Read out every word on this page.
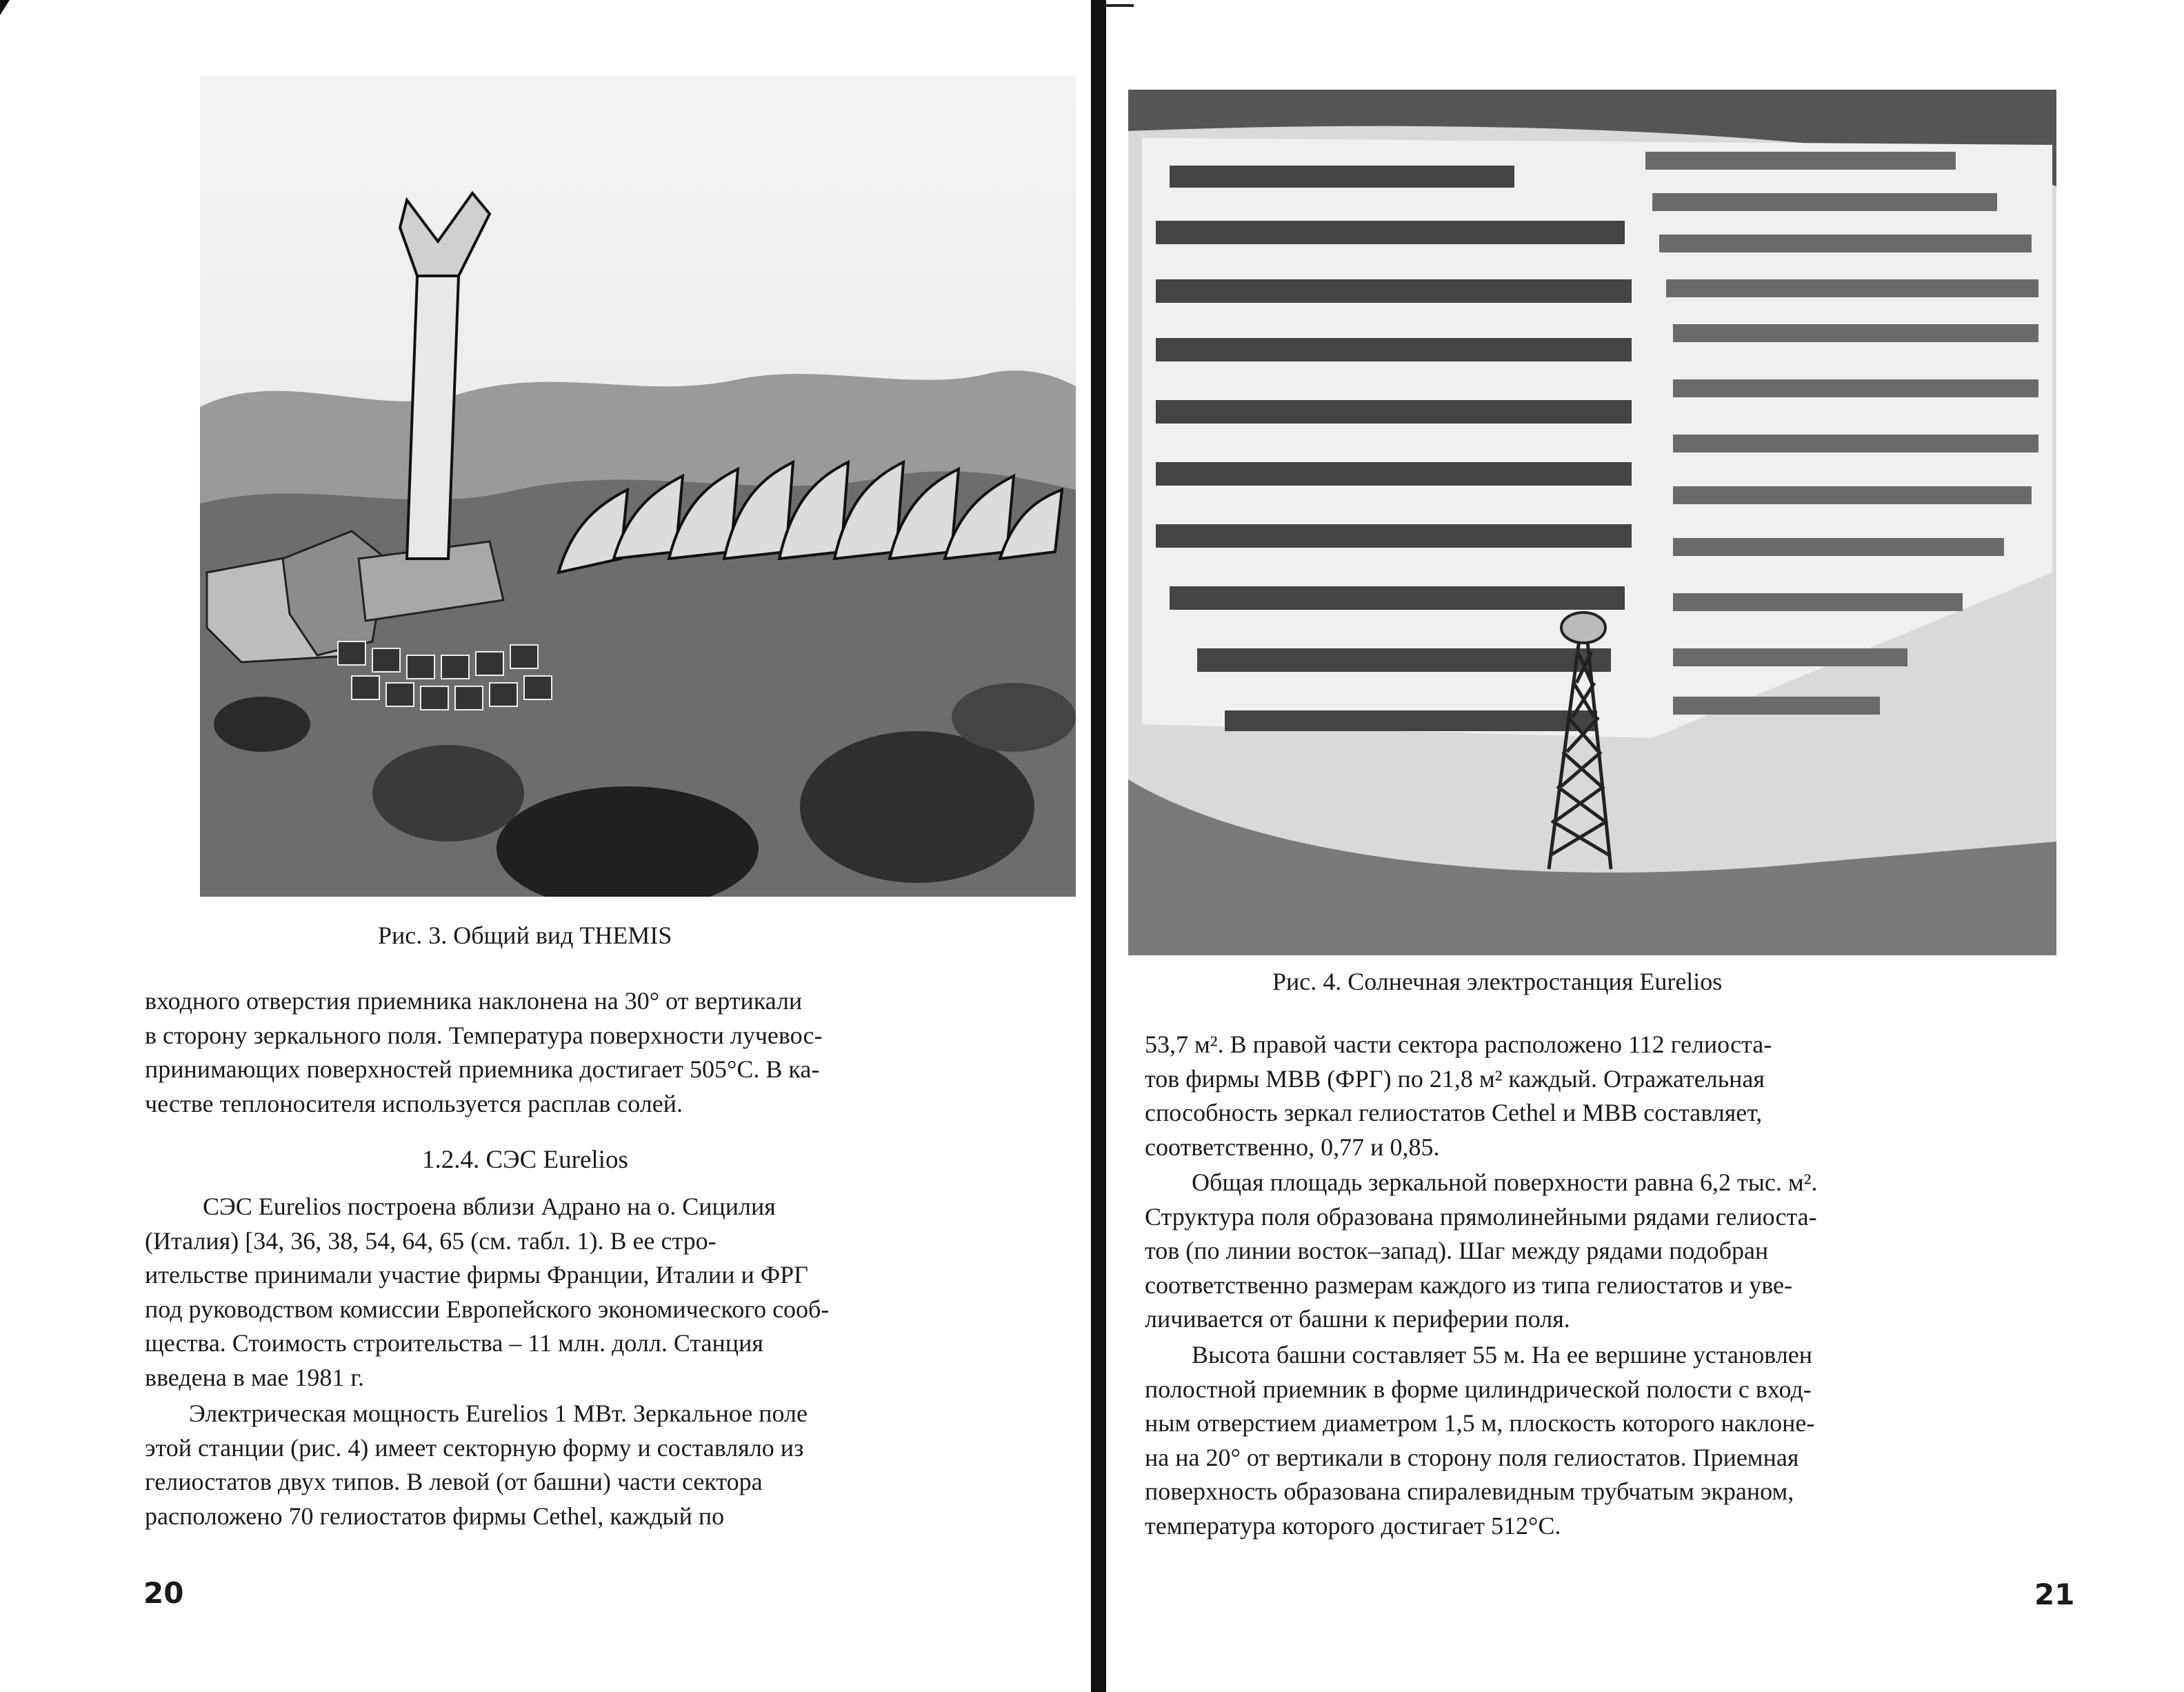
Рис. 3. Общий вид THEMIS

входного отверстия приемника наклонена на 30° от вертикали

в сторону зеркального поля. Температура поверхности лучевос-

принимающих поверхностей приемника достигает 505°С. В ка-

честве теплоносителя используется расплав солей.

1.2.4. СЭС Eurelios

СЭС Eurelios построена вблизи Адрано на о. Сицилия

(Италия) [34, 36, 38, 54, 64, 65 (см. табл. 1). В ее стро-

ительстве принимали участие фирмы Франции, Италии и ФРГ

под руководством комиссии Европейского экономического сооб-

щества. Стоимость строительства – 11 млн. долл. Станция

введена в мае 1981 г.

Электрическая мощность Eurelios 1 МВт. Зеркальное поле

этой станции (рис. 4) имеет секторную форму и составляло из

гелиостатов двух типов. В левой (от башни) части сектора

расположено 70 гелиостатов фирмы Cethel, каждый по

20
Рис. 4. Солнечная электростанция Eurelios

53,7 м². В правой части сектора расположено 112 гелиоста-

тов фирмы МВВ (ФРГ) по 21,8 м² каждый. Отражательная

способность зеркал гелиостатов Cethel и МВВ составляет,

соответственно, 0,77 и 0,85.

Общая площадь зеркальной поверхности равна 6,2 тыс. м².

Структура поля образована прямолинейными рядами гелиоста-

тов (по линии восток–запад). Шаг между рядами подобран

соответственно размерам каждого из типа гелиостатов и уве-

личивается от башни к периферии поля.

Высота башни составляет 55 м. На ее вершине установлен

полостной приемник в форме цилиндрической полости с вход-

ным отверстием диаметром 1,5 м, плоскость которого наклоне-

на на 20° от вертикали в сторону поля гелиостатов. Приемная

поверхность образована спиралевидным трубчатым экраном,

температура которого достигает 512°С.

21
